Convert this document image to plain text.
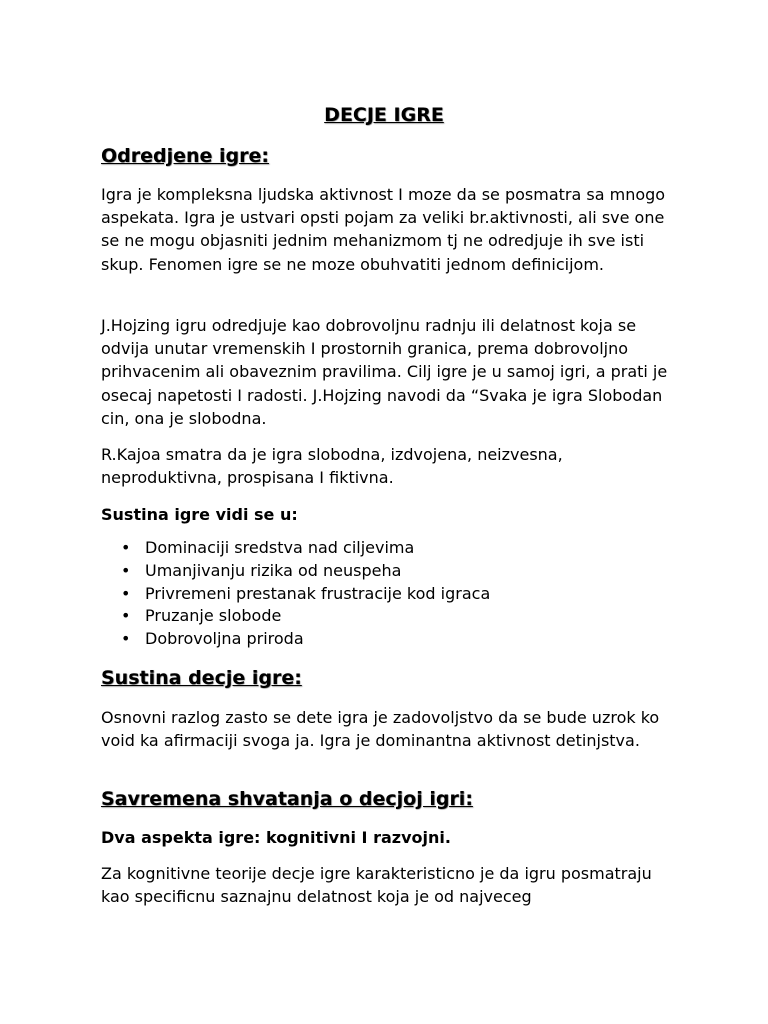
DECJE IGRE
Odredjene igre:

Igra je kompleksna ljudska aktivnost I moze da se posmatra sa mnogo aspekata. Igra je ustvari opsti pojam za veliki br.aktivnosti, ali sve one se ne mogu objasniti jednim mehanizmom tj ne odredjuje ih sve isti skup. Fenomen igre se ne moze obuhvatiti jednom definicijom.

J.Hojzing igru odredjuje kao dobrovoljnu radnju ili delatnost koja se odvija unutar vremenskih I prostornih granica, prema dobrovoljno prihvacenim ali obaveznim pravilima. Cilj igre je u samoj igri, a prati je osecaj napetosti I radosti. J.Hojzing navodi da “Svaka je igra Slobodan cin, ona je slobodna.

R.Kajoa smatra da je igra slobodna, izdvojena, neizvesna, neproduktivna, prospisana I fiktivna.

Sustina igre vidi se u:

• Dominaciji sredstva nad ciljevima
• Umanjivanju rizika od neuspeha
• Privremeni prestanak frustracije kod igraca
• Pruzanje slobode
• Dobrovoljna priroda
Sustina decje igre:

Osnovni razlog zasto se dete igra je zadovoljstvo da se bude uzrok ko void ka afirmaciji svoga ja. Igra je dominantna aktivnost detinjstva.

Savremena shvatanja o decjoj igri:

Dva aspekta igre: kognitivni I razvojni.

Za kognitivne teorije decje igre karakteristicno je da igru posmatraju kao specificnu saznajnu delatnost koja je od najveceg
